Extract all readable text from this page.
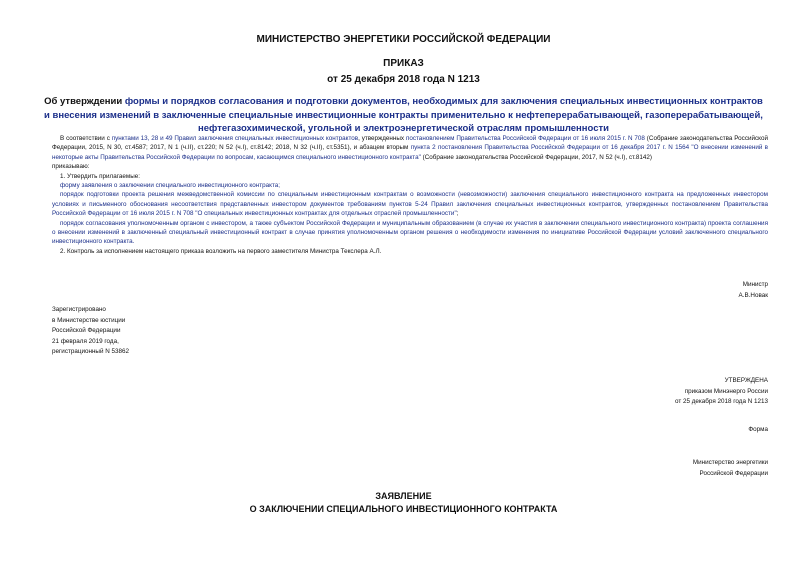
МИНИСТЕРСТВО ЭНЕРГЕТИКИ РОССИЙСКОЙ ФЕДЕРАЦИИ
ПРИКАЗ
от 25 декабря 2018 года N 1213
Об утверждении формы и порядков согласования и подготовки документов, необходимых для заключения специальных инвестиционных контрактов и внесения изменений в заключенные специальные инвестиционные контракты применительно к нефтеперерабатывающей, газоперерабатывающей, нефтегазохимической, угольной и электроэнергетической отраслям промышленности

В соответствии с пунктами 13, 28 и 49 Правил заключения специальных инвестиционных контрактов, утвержденных постановлением Правительства Российской Федерации от 16 июля 2015 г. N 708 (Собрание законодательства Российской Федерации, 2015, N 30, ст.4587; 2017, N 1 (ч.II), ст.220; N 52 (ч.I), ст.8142; 2018, N 32 (ч.II), ст.5351), и абзацем вторым пункта 2 постановления Правительства Российской Федерации от 16 декабря 2017 г. N 1564 "О внесении изменений в некоторые акты Правительства Российской Федерации по вопросам, касающимся специального инвестиционного контракта" (Собрание законодательства Российской Федерации, 2017, N 52 (ч.I), ст.8142)

приказываю:

1. Утвердить прилагаемые:

форму заявления о заключении специального инвестиционного контракта;

порядок подготовки проекта решения межведомственной комиссии по специальным инвестиционным контрактам о возможности (невозможности) заключения специального инвестиционного контракта на предложенных инвестором условиях и письменного обоснования несоответствия представленных инвестором документов требованиям пунктов 5-24 Правил заключения специальных инвестиционных контрактов, утвержденных постановлением Правительства Российской Федерации от 16 июля 2015 г. N 708 "О специальных инвестиционных контрактах для отдельных отраслей промышленности";

порядок согласования уполномоченным органом с инвестором, а также субъектом Российской Федерации и муниципальным образованием (в случае их участия в заключении специального инвестиционного контракта) проекта соглашения о внесении изменений в заключенный специальный инвестиционный контракт в случае принятия уполномоченным органом решения о необходимости изменения по инициативе Российской Федерации условий заключенного специального инвестиционного контракта.

2. Контроль за исполнением настоящего приказа возложить на первого заместителя Министра Текслера А.Л.

Министр
А.В.Новак
Зарегистрировано
в Министерстве юстиции
Российской Федерации
21 февраля 2019 года,
регистрационный N 53862
УТВЕРЖДЕНА
приказом Минэнерго России
от 25 декабря 2018 года N 1213
Форма
Министерство энергетики
Российской Федерации
ЗАЯВЛЕНИЕ
О ЗАКЛЮЧЕНИИ СПЕЦИАЛЬНОГО ИНВЕСТИЦИОННОГО КОНТРАКТА
